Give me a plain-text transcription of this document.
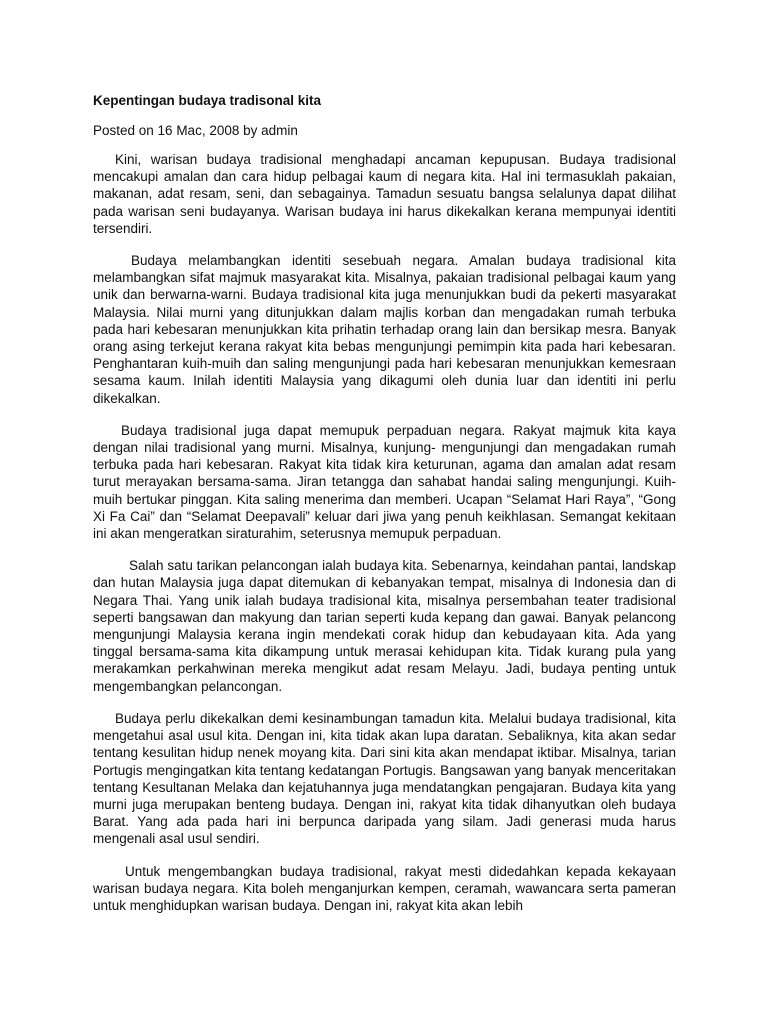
Kepentingan budaya tradisonal kita
Posted on 16 Mac, 2008 by admin

Kini, warisan budaya tradisional menghadapi ancaman kepupusan. Budaya tradisional mencakupi amalan dan cara hidup pelbagai kaum di negara kita. Hal ini termasuklah pakaian, makanan, adat resam, seni, dan sebagainya. Tamadun sesuatu bangsa selalunya dapat dilihat pada warisan seni budayanya. Warisan budaya ini harus dikekalkan kerana mempunyai identiti tersendiri.

Budaya melambangkan identiti sesebuah negara. Amalan budaya tradisional kita melambangkan sifat majmuk masyarakat kita. Misalnya, pakaian tradisional pelbagai kaum yang unik dan berwarna-warni. Budaya tradisional kita juga menunjukkan budi da pekerti masyarakat Malaysia. Nilai murni yang ditunjukkan dalam majlis korban dan mengadakan rumah terbuka pada hari kebesaran menunjukkan kita prihatin terhadap orang lain dan bersikap mesra. Banyak orang asing terkejut kerana rakyat kita bebas mengunjungi pemimpin kita pada hari kebesaran. Penghantaran kuih-muih dan saling mengunjungi pada hari kebesaran menunjukkan kemesraan sesama kaum. Inilah identiti Malaysia yang dikagumi oleh dunia luar dan identiti ini perlu dikekalkan.

Budaya tradisional juga dapat memupuk perpaduan negara. Rakyat majmuk kita kaya dengan nilai tradisional yang murni. Misalnya, kunjung- mengunjungi dan mengadakan rumah terbuka pada hari kebesaran. Rakyat kita tidak kira keturunan, agama dan amalan adat resam turut merayakan bersama-sama. Jiran tetangga dan sahabat handai saling mengunjungi. Kuih- muih bertukar pinggan. Kita saling menerima dan memberi. Ucapan “Selamat Hari Raya”, “Gong Xi Fa Cai” dan “Selamat Deepavali” keluar dari jiwa yang penuh keikhlasan. Semangat kekitaan ini akan mengeratkan siraturahim, seterusnya memupuk perpaduan.

Salah satu tarikan pelancongan ialah budaya kita. Sebenarnya, keindahan pantai, landskap dan hutan Malaysia juga dapat ditemukan di kebanyakan tempat, misalnya di Indonesia dan di Negara Thai. Yang unik ialah budaya tradisional kita, misalnya persembahan teater tradisional seperti bangsawan dan makyung dan tarian seperti kuda kepang dan gawai. Banyak pelancong mengunjungi Malaysia kerana ingin mendekati corak hidup dan kebudayaan kita. Ada yang tinggal bersama-sama kita dikampung untuk merasai kehidupan kita. Tidak kurang pula yang merakamkan perkahwinan mereka mengikut adat resam Melayu. Jadi, budaya penting untuk mengembangkan pelancongan.

Budaya perlu dikekalkan demi kesinambungan tamadun kita. Melalui budaya tradisional, kita mengetahui asal usul kita. Dengan ini, kita tidak akan lupa daratan. Sebaliknya, kita akan sedar tentang kesulitan hidup nenek moyang kita. Dari sini kita akan mendapat iktibar. Misalnya, tarian Portugis mengingatkan kita tentang kedatangan Portugis. Bangsawan yang banyak menceritakan tentang Kesultanan Melaka dan kejatuhannya juga mendatangkan pengajaran. Budaya kita yang murni juga merupakan benteng budaya. Dengan ini, rakyat kita tidak dihanyutkan oleh budaya Barat. Yang ada pada hari ini berpunca daripada yang silam. Jadi generasi muda harus mengenali asal usul sendiri.

Untuk mengembangkan budaya tradisional, rakyat mesti didedahkan kepada kekayaan warisan budaya negara. Kita boleh menganjurkan kempen, ceramah, wawancara serta pameran untuk menghidupkan warisan budaya. Dengan ini, rakyat kita akan lebih
